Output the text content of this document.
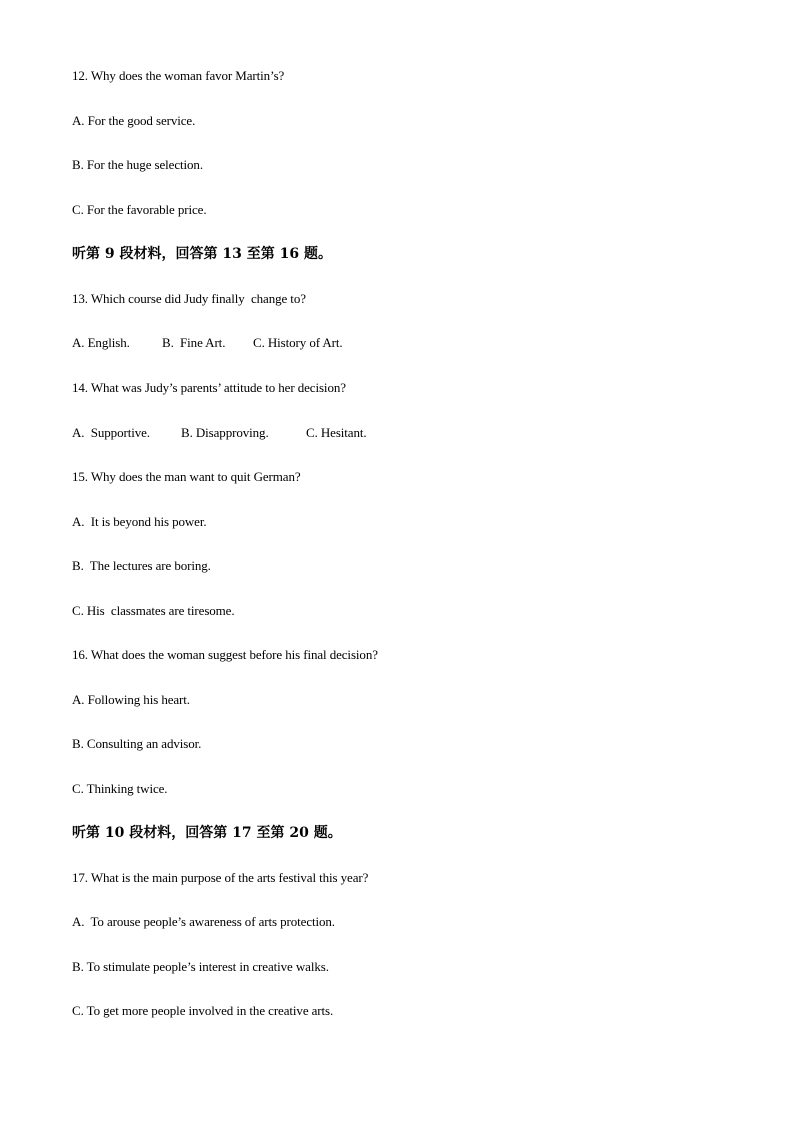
12. Why does the woman favor Martin’s?
A. For the good service.
B. For the huge selection.
C. For the favorable price.
听第 9 段材料，回答第 13 至第 16 题。
13. Which course did Judy finally  change to?
A. English. B.  Fine Art. C. History of Art.
14. What was Judy’s parents’ attitude to her decision?
A.  Supportive. B. Disapproving.	C. Hesitant.
15. Why does the man want to quit German?
A.  It is beyond his power.
B.  The lectures are boring.
C. His  classmates are tiresome.
16. What does the woman suggest before his final decision?
A. Following his heart.
B. Consulting an advisor.
C. Thinking twice.
听第 10 段材料，回答第 17 至第 20 题。
17. What is the main purpose of the arts festival this year?
A.  To arouse people’s awareness of arts protection.
B. To stimulate people’s interest in creative walks.
C. To get more people involved in the creative arts.
